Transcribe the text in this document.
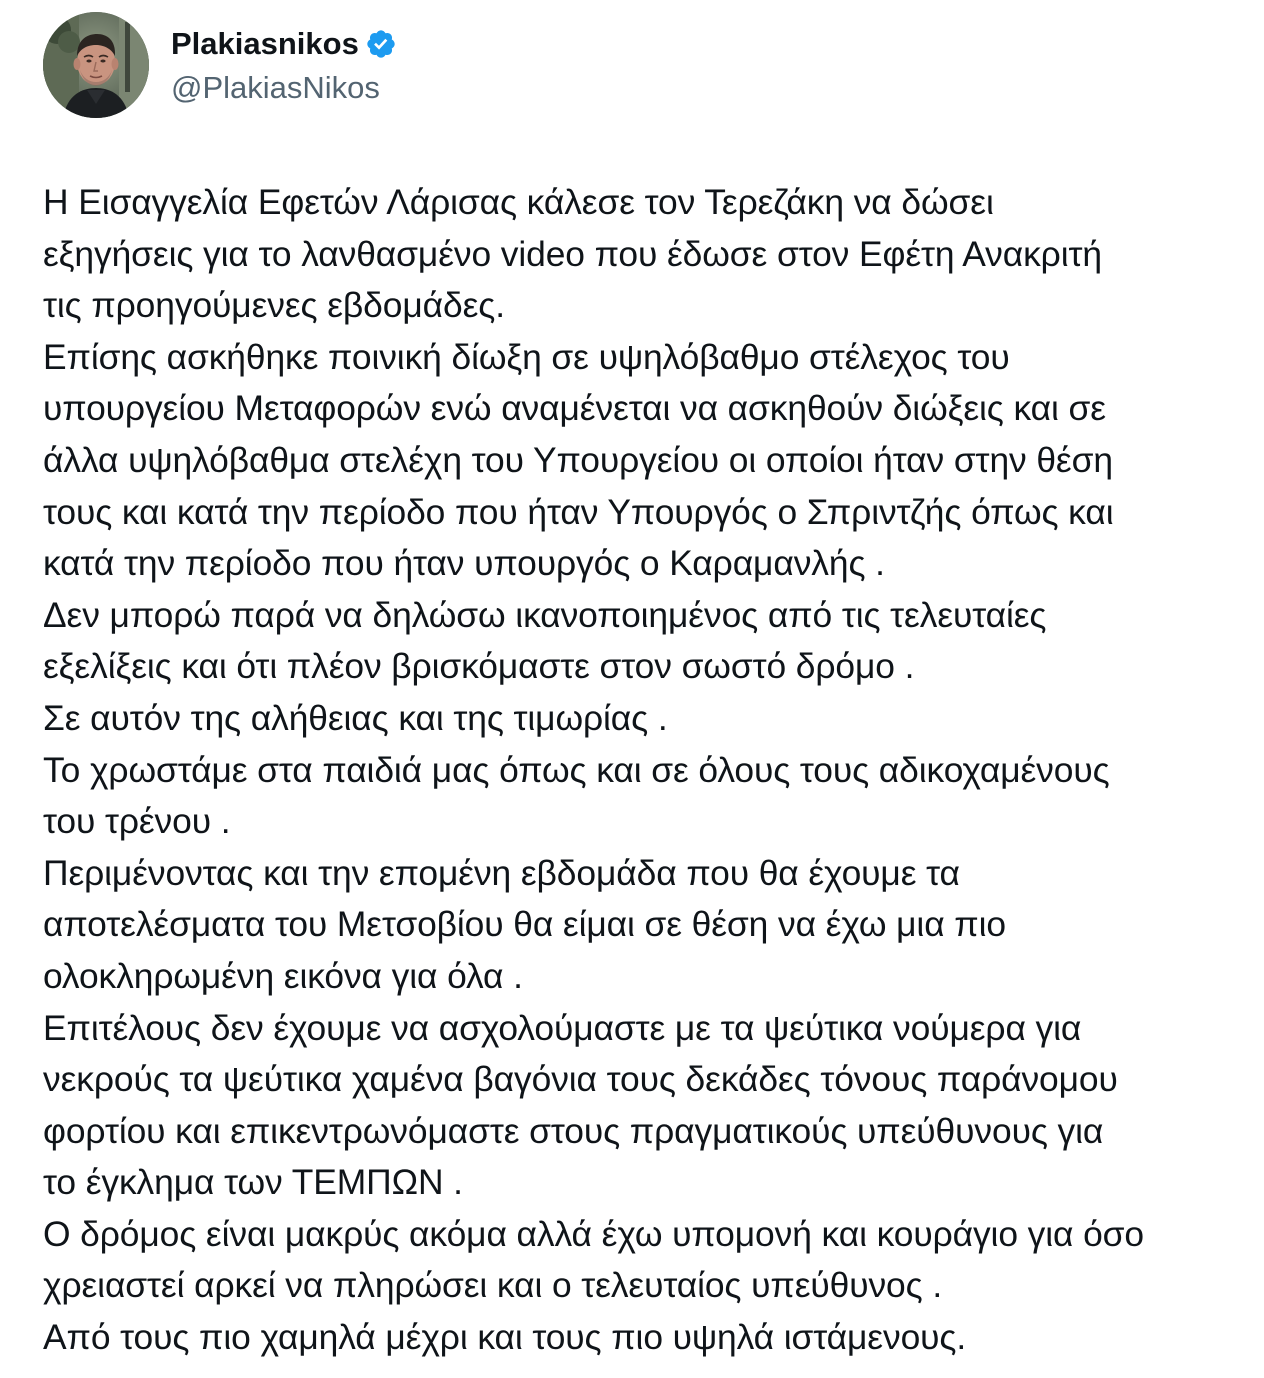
Plakiasnikos
@PlakiasNikos
Η Εισαγγελία Εφετών Λάρισας κάλεσε τον Τερεζάκη να δώσει
εξηγήσεις για το λανθασμένο video που έδωσε στον Εφέτη Ανακριτή
τις προηγούμενες εβδομάδες.
Επίσης ασκήθηκε ποινική δίωξη σε υψηλόβαθμο στέλεχος του
υπουργείου Μεταφορών ενώ αναμένεται να ασκηθούν διώξεις και σε
άλλα υψηλόβαθμα στελέχη του Υπουργείου οι οποίοι ήταν στην θέση
τους και κατά την περίοδο που ήταν Υπουργός ο Σπριντζής όπως και
κατά την περίοδο που ήταν υπουργός ο Καραμανλής .
Δεν μπορώ παρά να δηλώσω ικανοποιημένος από τις τελευταίες
εξελίξεις και ότι πλέον βρισκόμαστε στον σωστό δρόμο .
Σε αυτόν της αλήθειας και της τιμωρίας .
Το χρωστάμε στα παιδιά μας όπως και σε όλους τους αδικοχαμένους
του τρένου .
Περιμένοντας και την επομένη εβδομάδα που θα έχουμε τα
αποτελέσματα του Μετσοβίου θα είμαι σε θέση να έχω μια πιο
ολοκληρωμένη εικόνα για όλα .
Επιτέλους δεν έχουμε να ασχολούμαστε με τα ψεύτικα νούμερα για
νεκρούς τα ψεύτικα χαμένα βαγόνια τους δεκάδες τόνους παράνομου
φορτίου και επικεντρωνόμαστε στους πραγματικούς υπεύθυνους για
το έγκλημα των ΤΕΜΠΩΝ .
Ο δρόμος είναι μακρύς ακόμα αλλά έχω υπομονή και κουράγιο για όσο
χρειαστεί αρκεί να πληρώσει και ο τελευταίος υπεύθυνος .
Από τους πιο χαμηλά μέχρι και τους πιο υψηλά ιστάμενους.
